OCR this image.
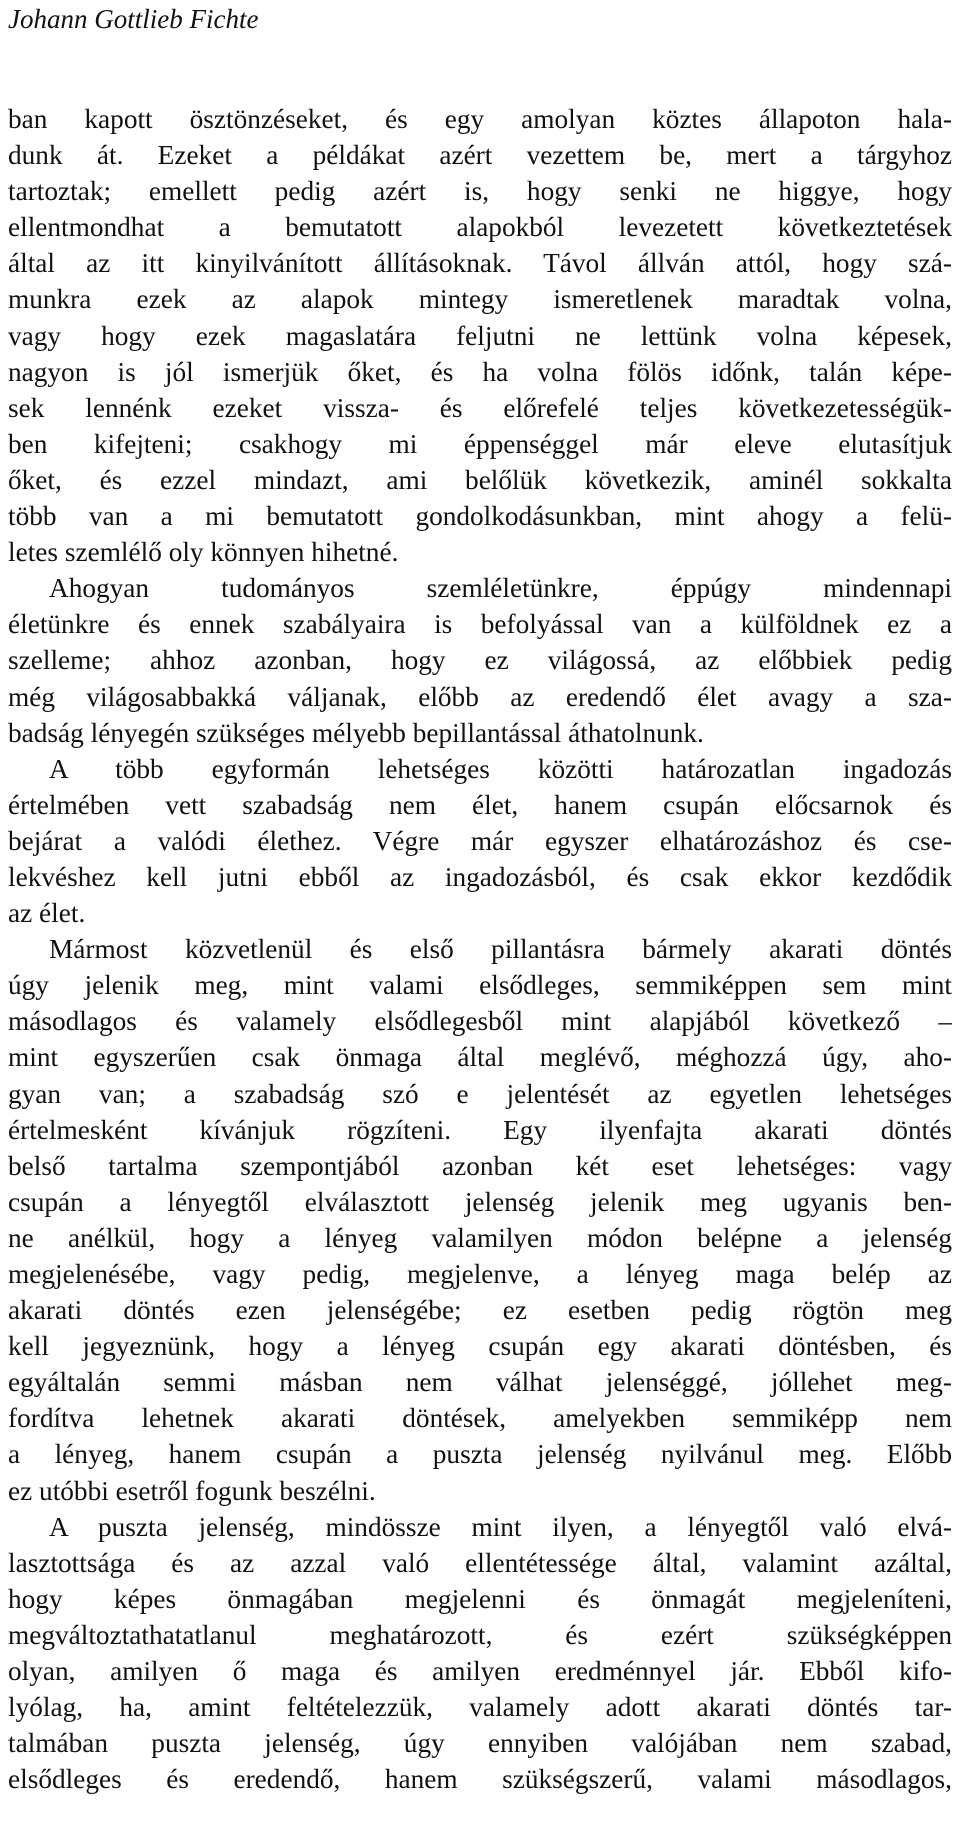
Johann Gottlieb Fichte
ban kapott ösztönzéseket, és egy amolyan köztes állapoton hala-
dunk át. Ezeket a példákat azért vezettem be, mert a tárgyhoz
tartoztak; emellett pedig azért is, hogy senki ne higgye, hogy
ellentmondhat a bemutatott alapokból levezetett következtetések
által az itt kinyilvánított állításoknak. Távol állván attól, hogy szá-
munkra ezek az alapok mintegy ismeretlenek maradtak volna,
vagy hogy ezek magaslatára feljutni ne lettünk volna képesek,
nagyon is jól ismerjük őket, és ha volna fölös időnk, talán képe-
sek lennénk ezeket vissza- és előrefelé teljes következetességük-
ben kifejteni; csakhogy mi éppenséggel már eleve elutasítjuk
őket, és ezzel mindazt, ami belőlük következik, aminél sokkalta
több van a mi bemutatott gondolkodásunkban, mint ahogy a felü-
letes szemlélő oly könnyen hihetné.
Ahogyan tudományos szemléletünkre, éppúgy mindennapi
életünkre és ennek szabályaira is befolyással van a külföldnek ez a
szelleme; ahhoz azonban, hogy ez világossá, az előbbiek pedig
még világosabbakká váljanak, előbb az eredendő élet avagy a sza-
badság lényegén szükséges mélyebb bepillantással áthatolnunk.
A több egyformán lehetséges közötti határozatlan ingadozás
értelmében vett szabadság nem élet, hanem csupán előcsarnok és
bejárat a valódi élethez. Végre már egyszer elhatározáshoz és cse-
lekvéshez kell jutni ebből az ingadozásból, és csak ekkor kezdődik
az élet.
Mármost közvetlenül és első pillantásra bármely akarati döntés
úgy jelenik meg, mint valami elsődleges, semmiképpen sem mint
másodlagos és valamely elsődlegesből mint alapjából következő –
mint egyszerűen csak önmaga által meglévő, méghozzá úgy, aho-
gyan van; a szabadság szó e jelentését az egyetlen lehetséges
értelmesként kívánjuk rögzíteni. Egy ilyenfajta akarati döntés
belső tartalma szempontjából azonban két eset lehetséges: vagy
csupán a lényegtől elválasztott jelenség jelenik meg ugyanis ben-
ne anélkül, hogy a lényeg valamilyen módon belépne a jelenség
megjelenésébe, vagy pedig, megjelenve, a lényeg maga belép az
akarati döntés ezen jelenségébe; ez esetben pedig rögtön meg
kell jegyeznünk, hogy a lényeg csupán egy akarati döntésben, és
egyáltalán semmi másban nem válhat jelenséggé, jóllehet meg-
fordítva lehetnek akarati döntések, amelyekben semmiképp nem
a lényeg, hanem csupán a puszta jelenség nyilvánul meg. Előbb
ez utóbbi esetről fogunk beszélni.
A puszta jelenség, mindössze mint ilyen, a lényegtől való elvá-
lasztottsága és az azzal való ellentétessége által, valamint azáltal,
hogy képes önmagában megjelenni és önmagát megjeleníteni,
megváltoztathatatlanul meghatározott, és ezért szükségképpen
olyan, amilyen ő maga és amilyen eredménnyel jár. Ebből kifo-
lyólag, ha, amint feltételezzük, valamely adott akarati döntés tar-
talmában puszta jelenség, úgy ennyiben valójában nem szabad,
elsődleges és eredendő, hanem szükségszerű, valami másodlagos,
